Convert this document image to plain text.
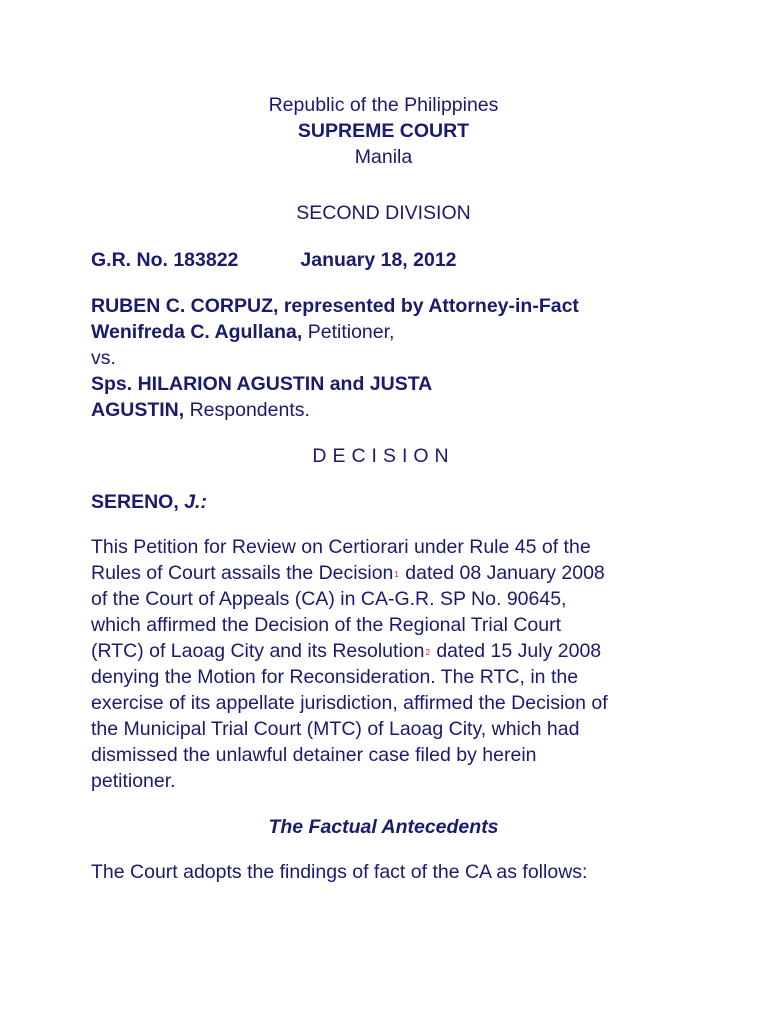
Republic of the Philippines
SUPREME COURT
Manila
SECOND DIVISION
G.R. No. 183822	January 18, 2012
RUBEN C. CORPUZ, represented by Attorney-in-Fact
Wenifreda C. Agullana, Petitioner,
vs.
Sps. HILARION AGUSTIN and JUSTA
AGUSTIN, Respondents.
DECISION
SERENO, J.:
This Petition for Review on Certiorari under Rule 45 of the
Rules of Court assails the Decision$^1$ dated 08 January 2008
of the Court of Appeals (CA) in CA-G.R. SP No. 90645,
which affirmed the Decision of the Regional Trial Court
(RTC) of Laoag City and its Resolution$^2$ dated 15 July 2008
denying the Motion for Reconsideration. The RTC, in the
exercise of its appellate jurisdiction, affirmed the Decision of
the Municipal Trial Court (MTC) of Laoag City, which had
dismissed the unlawful detainer case filed by herein
petitioner.
The Factual Antecedents
The Court adopts the findings of fact of the CA as follows:
